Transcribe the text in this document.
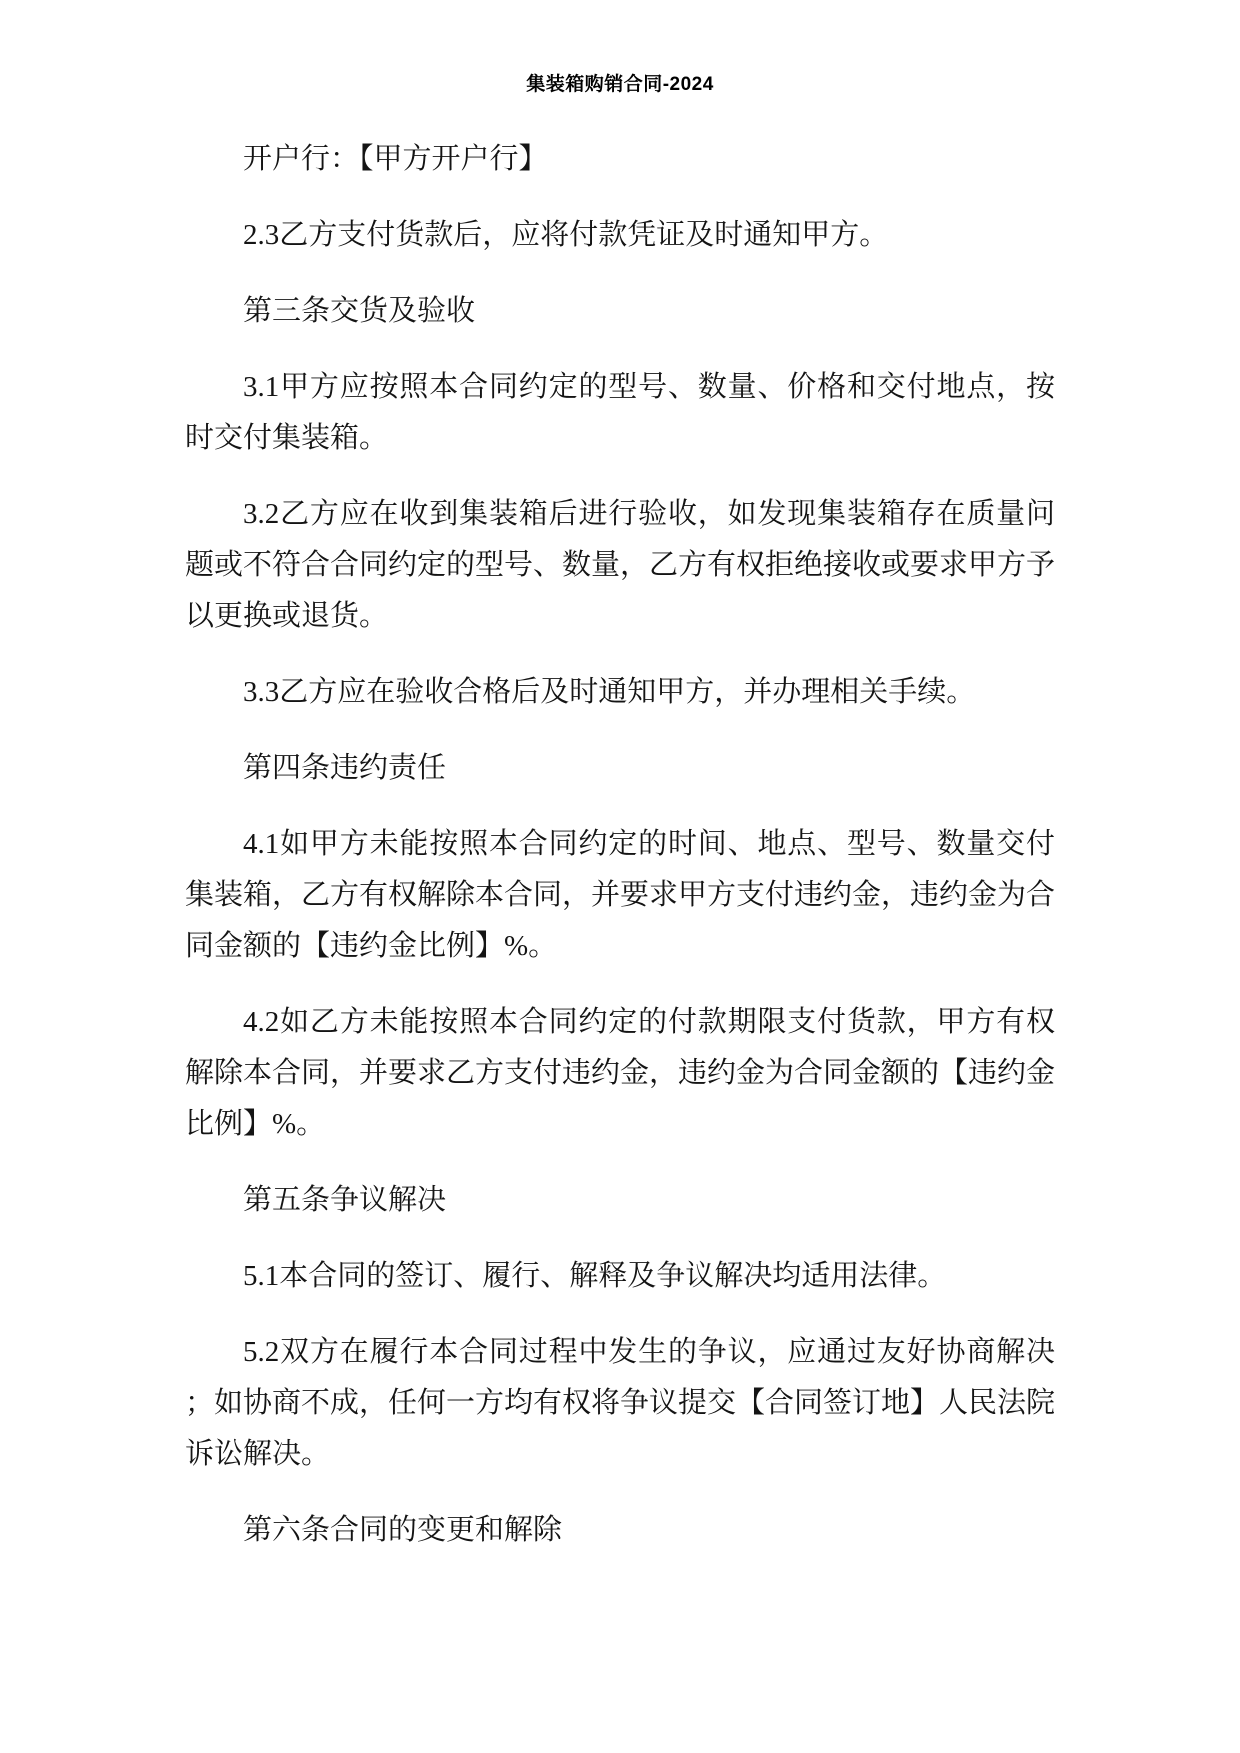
集装箱购销合同-2024

开户行：【甲方开户行】

2.3乙方支付货款后，应将付款凭证及时通知甲方。

第三条交货及验收

3.1甲方应按照本合同约定的型号、数量、价格和交付地点，按时交付集装箱。

3.2乙方应在收到集装箱后进行验收，如发现集装箱存在质量问题或不符合合同约定的型号、数量，乙方有权拒绝接收或要求甲方予以更换或退货。

3.3乙方应在验收合格后及时通知甲方，并办理相关手续。

第四条违约责任

4.1如甲方未能按照本合同约定的时间、地点、型号、数量交付集装箱，乙方有权解除本合同，并要求甲方支付违约金，违约金为合同金额的【违约金比例】%。

4.2如乙方未能按照本合同约定的付款期限支付货款，甲方有权解除本合同，并要求乙方支付违约金，违约金为合同金额的【违约金比例】%。

第五条争议解决

5.1本合同的签订、履行、解释及争议解决均适用法律。

5.2双方在履行本合同过程中发生的争议，应通过友好协商解决；如协商不成，任何一方均有权将争议提交【合同签订地】人民法院诉讼解决。

第六条合同的变更和解除
